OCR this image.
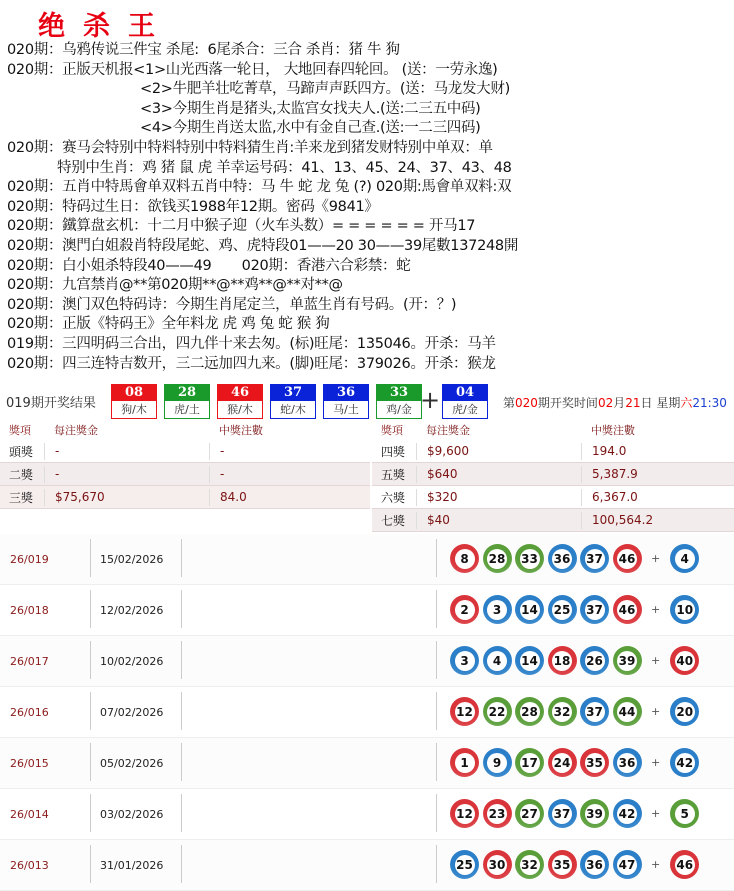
绝杀王
020期：乌鸦传说三件宝 杀尾:  6尾杀合：三合 杀肖：猪 牛 狗
020期：正版天机报<1>山光西落一轮日， 大地回春四轮回。 (送：一劳永逸)
<2>牛肥羊壮吃菁草，马蹄声声跃四方。(送：马龙发大财)
<3>今期生肖是猪头,太监宫女找夫人.(送:二三五中码)
<4>今期生肖送太监,水中有金自己查.(送:一二三四码)
020期：赛马会特别中特料特别中特料猜生肖:羊来龙到猪发财特别中单双：单
特别中生肖：鸡 猪 鼠 虎 羊幸运号码：41、13、45、24、37、43、48
020期：五肖中特馬會单双料五肖中特：马 牛 蛇 龙 兔 (?) 020期:馬會单双料:双
020期：特码过生日：欲钱买1988年12期。密码《9841》
020期：鐵算盘玄机：十二月中猴子迎（火车头数）= = = = = = 开马17
020期：澳門白姐殺肖特段尾蛇、鸡、虎特段01——20 30——39尾數137248開
020期：白小姐杀特段40——49       020期：香港六合彩禁：蛇
020期：九宫禁肖@**第020期**@**鸡**@**对**@
020期：澳门双色特码诗：今期生肖尾定兰，单蓝生肖有号码。(开：？)
020期：正版《特码王》全年料龙 虎 鸡 兔 蛇 猴 狗
019期：三四明码三合出，四九伴十来去匆。(标)旺尾：135046。开杀：马羊
020期：四三连特吉数开，三二远加四九来。(脚)旺尾：379026。开杀：猴龙
019期开奖结果
08
狗/木
28
虎/土
46
猴/木
37
蛇/木
36
马/土
33
鸡/金
04
虎/金
+	第020期开奖时间02月21日 星期六21:30
獎項	每注獎金	中獎注數
頭獎	-	-
二獎	-	-
三獎	$75,670	84.0
獎項	每注獎金	中獎注數
四獎	$9,600	194.0
五獎	$640	5,387.9
六獎	$320	6,367.0
七獎	$40	100,564.2
26/019	15/02/2026	8	28 33 36 37 46 +	4
26/018	12/02/2026	2	3	14 25 37 46 + 10
26/017	10/02/2026	3	4	14 18 26 39 + 40
26/016	07/02/2026	12 22 28 32 37 44 + 20
26/015	05/02/2026	1	9	17 24 35 36 + 42
26/014	03/02/2026	12 23 27 37 39 42 +	5
26/013	31/01/2026	25 30 32 35 36 47 + 46
